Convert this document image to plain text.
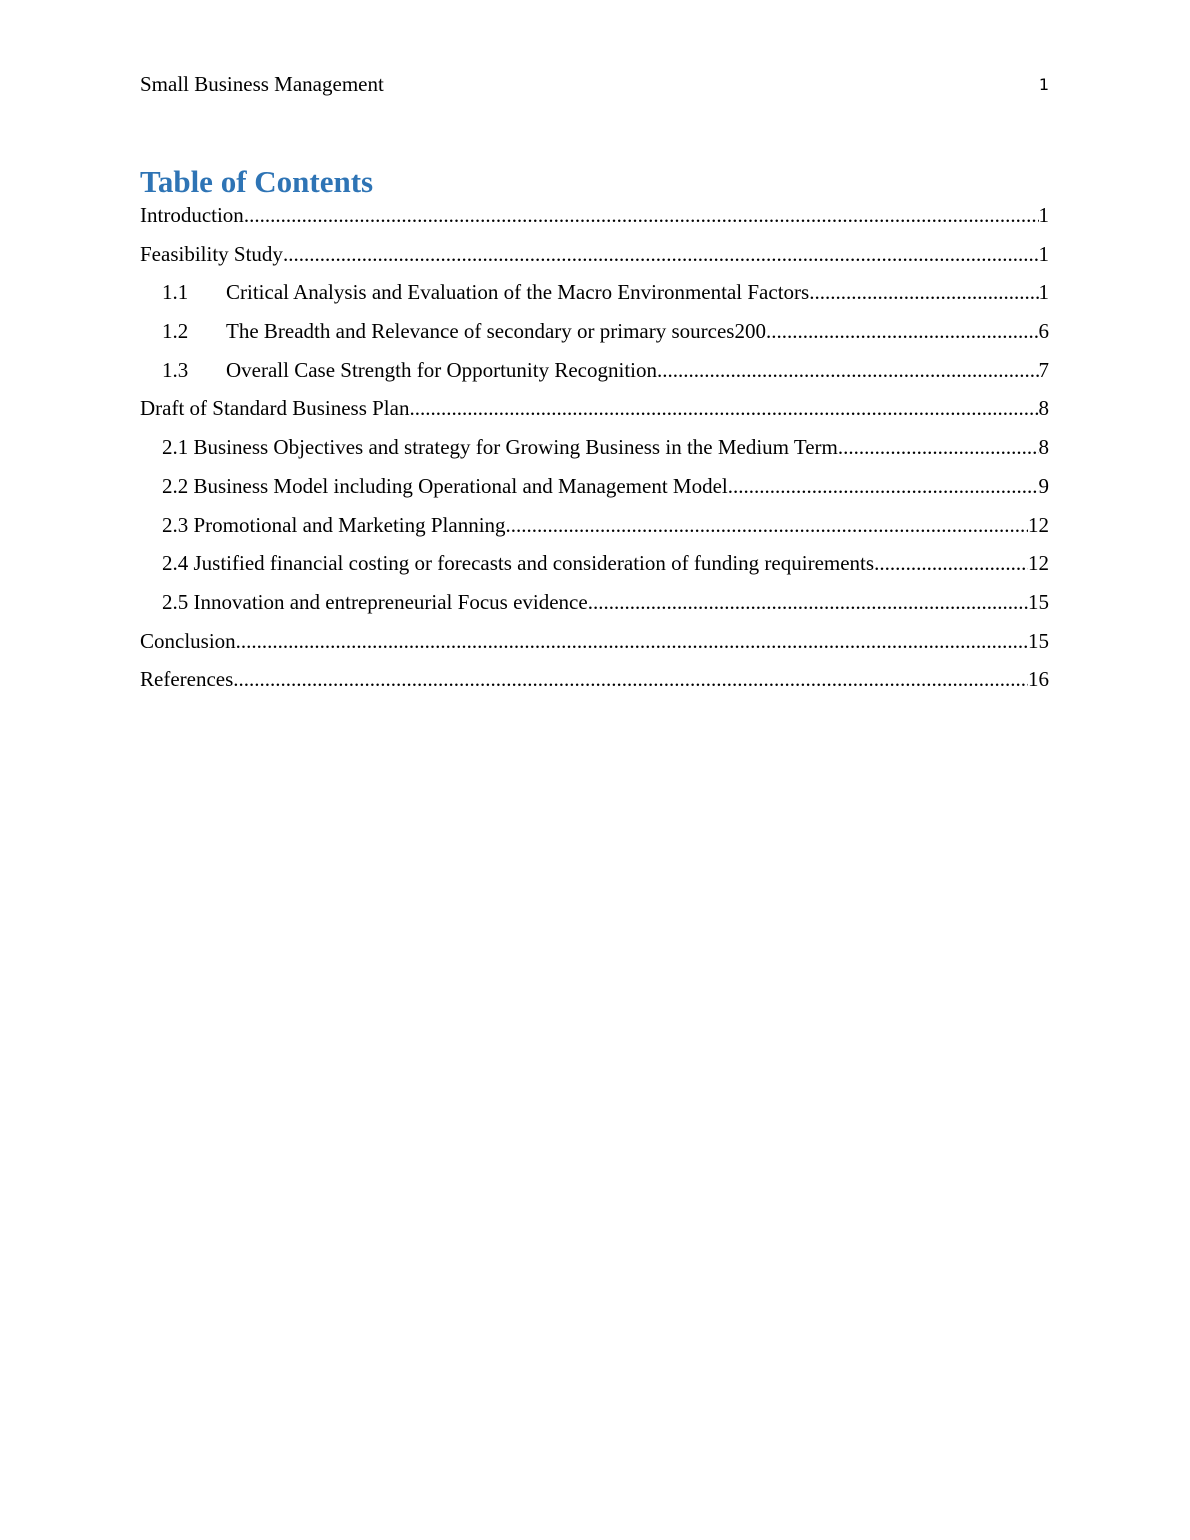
Small Business Management	1
Table of Contents
Introduction .....	1
Feasibility Study .....	1
1.1	Critical Analysis and Evaluation of the Macro Environmental Factors .....	1
1.2	The Breadth and Relevance of secondary or primary sources200 .....	6
1.3	Overall Case Strength for Opportunity Recognition .....	7
Draft of Standard Business Plan .....	8
2.1 Business Objectives and strategy for Growing Business in the Medium Term .....	8
2.2 Business Model including Operational and Management Model .....	9
2.3 Promotional and Marketing Planning .....	12
2.4 Justified financial costing or forecasts and consideration of funding requirements .....	12
2.5 Innovation and entrepreneurial Focus evidence .....	15
Conclusion .....	15
References .....	16
